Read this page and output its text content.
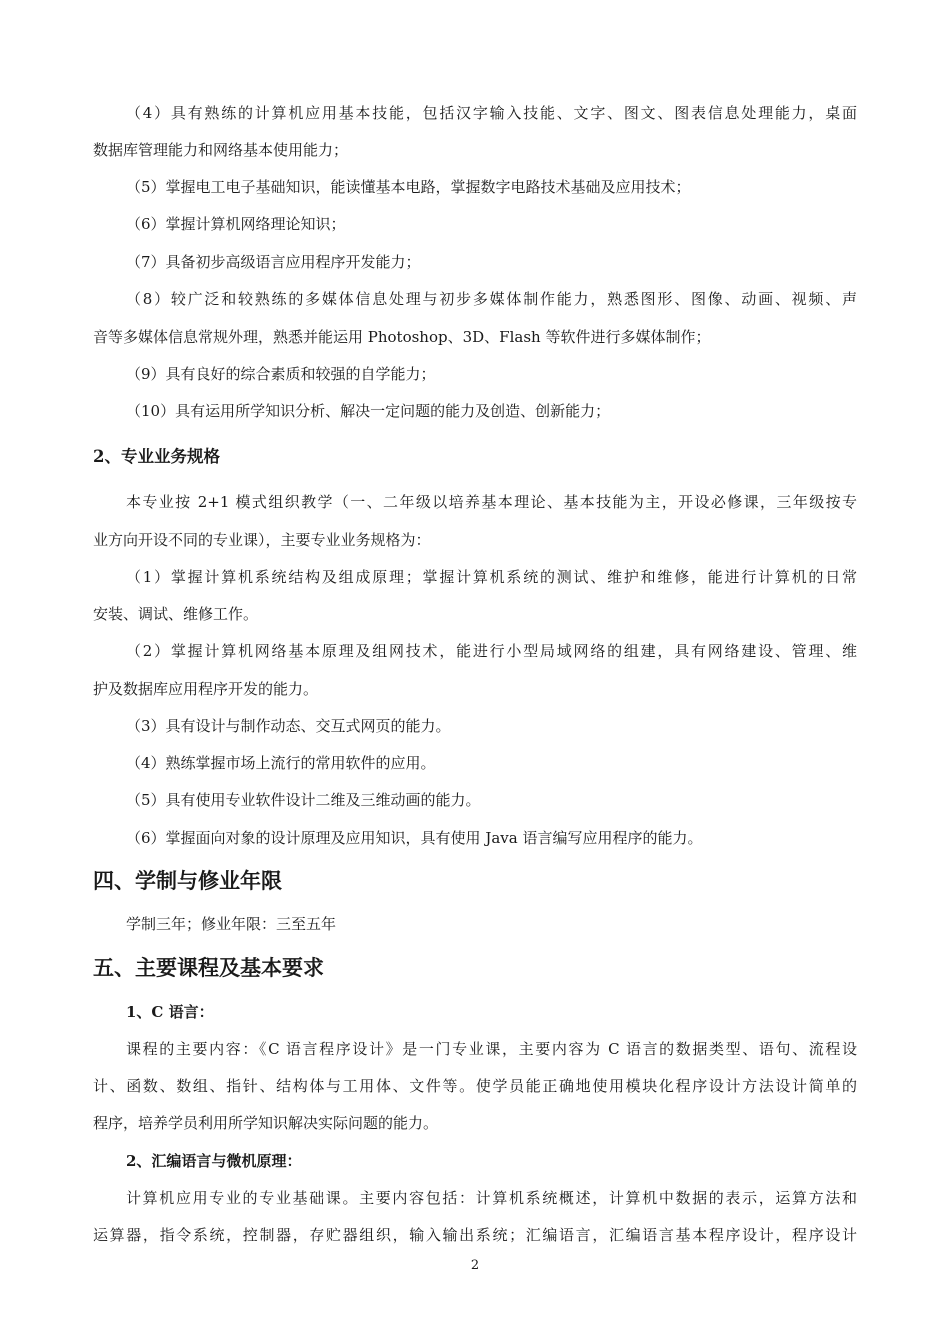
（4）具有熟练的计算机应用基本技能，包括汉字输入技能、文字、图文、图表信息处理能力，桌面
数据库管理能力和网络基本使用能力；
（5）掌握电工电子基础知识，能读懂基本电路，掌握数字电路技术基础及应用技术；
（6）掌握计算机网络理论知识；
（7）具备初步高级语言应用程序开发能力；
（8）较广泛和较熟练的多媒体信息处理与初步多媒体制作能力，熟悉图形、图像、动画、视频、声
音等多媒体信息常规外理，熟悉并能运用 Photoshop、3D、Flash 等软件进行多媒体制作；
（9）具有良好的综合素质和较强的自学能力；
（10）具有运用所学知识分析、解决一定问题的能力及创造、创新能力；
2、专业业务规格
本专业按 2+1 模式组织教学（一、二年级以培养基本理论、基本技能为主，开设必修课，三年级按专
业方向开设不同的专业课），主要专业业务规格为：
（1）掌握计算机系统结构及组成原理；掌握计算机系统的测试、维护和维修，能进行计算机的日常
安装、调试、维修工作。
（2）掌握计算机网络基本原理及组网技术，能进行小型局域网络的组建，具有网络建设、管理、维
护及数据库应用程序开发的能力。
（3）具有设计与制作动态、交互式网页的能力。
（4）熟练掌握市场上流行的常用软件的应用。
（5）具有使用专业软件设计二维及三维动画的能力。
（6）掌握面向对象的设计原理及应用知识，具有使用 Java 语言编写应用程序的能力。
四、学制与修业年限
学制三年；修业年限：三至五年
五、主要课程及基本要求
1、C 语言：
课程的主要内容：《C 语言程序设计》是一门专业课，主要内容为 C 语言的数据类型、语句、流程设
计、函数、数组、指针、结构体与工用体、文件等。使学员能正确地使用模块化程序设计方法设计简单的
程序，培养学员利用所学知识解决实际问题的能力。
2、汇编语言与微机原理：
计算机应用专业的专业基础课。主要内容包括：计算机系统概述，计算机中数据的表示，运算方法和
运算器，指令系统，控制器，存贮器组织，输入输出系统；汇编语言，汇编语言基本程序设计，程序设计
2
